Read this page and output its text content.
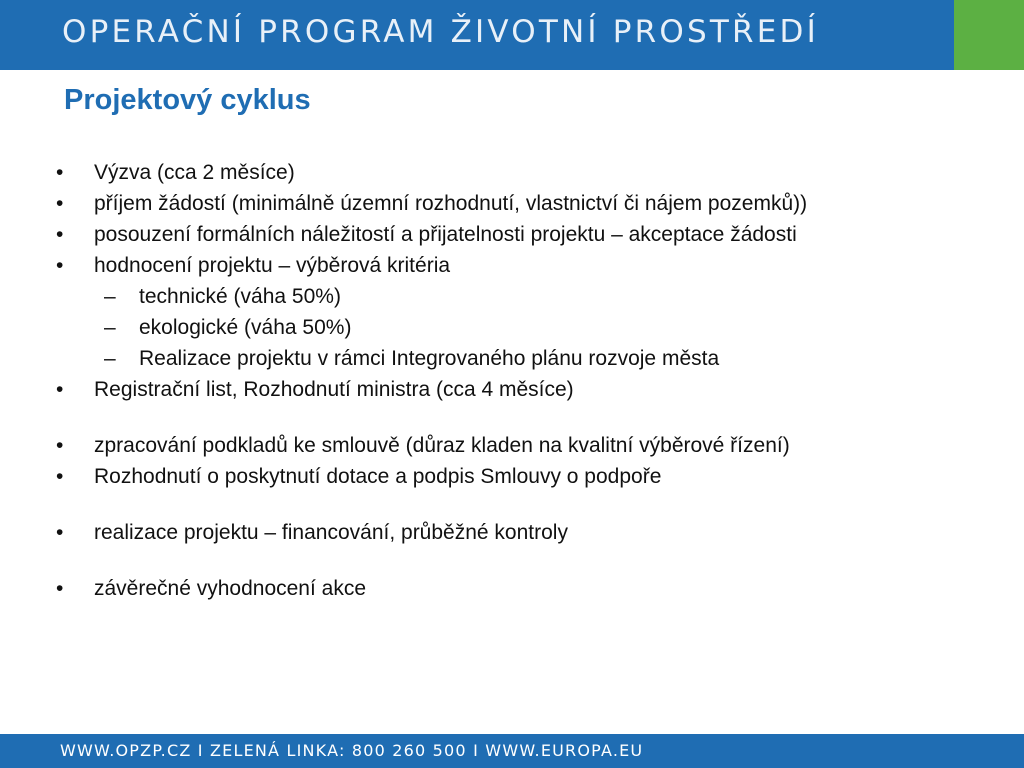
OPERAČNÍ PROGRAM ŽIVOTNÍ PROSTŘEDÍ
Projektový cyklus
• Výzva (cca 2 měsíce)
• příjem žádostí (minimálně územní rozhodnutí, vlastnictví či nájem pozemků))
• posouzení formálních náležitostí a přijatelnosti projektu – akceptace žádosti
• hodnocení projektu – výběrová kritéria
– technické (váha 50%)
– ekologické (váha 50%)
– Realizace projektu v rámci Integrovaného plánu rozvoje města
• Registrační list, Rozhodnutí ministra (cca 4 měsíce)
• zpracování podkladů ke smlouvě (důraz kladen na kvalitní výběrové řízení)
• Rozhodnutí o poskytnutí dotace a podpis Smlouvy o podpoře
• realizace projektu – financování, průběžné kontroly
• závěrečné vyhodnocení akce
WWW.OPZP.CZ I ZELENÁ LINKA: 800 260 500 I WWW.EUROPA.EU
